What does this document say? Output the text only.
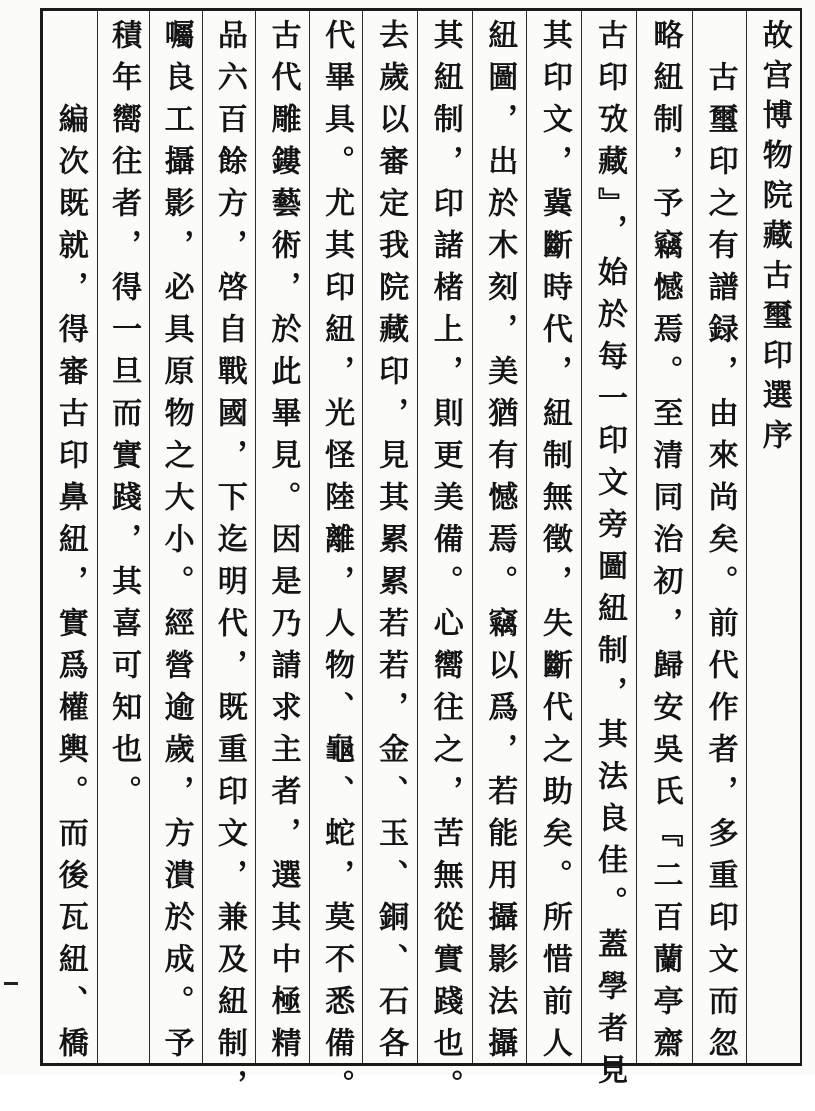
故宫博物院藏古璽印選序
古璽印之有譜録，由來尚矣。前代作者，多重印文而忽
略紐制，予竊憾焉。至清同治初，歸安吳氏『二百蘭亭齋
古印攷藏』，始於每一印文旁圖紐制，其法良佳。蓋學者見
其印文，冀斷時代，紐制無徵，失斷代之助矣。所惜前人
紐圖，出於木刻，美猶有憾焉。竊以爲，若能用攝影法攝
其紐制，印諸楮上，則更美備。心嚮往之，苦無從實踐也。
去歲以審定我院藏印，見其累累若若，金、玉、銅、石各
代畢具。尤其印紐，光怪陸離，人物、龜、蛇，莫不悉備。
古代雕鏤藝術，於此畢見。因是乃請求主者，選其中極精
品六百餘方，啓自戰國，下迄明代，既重印文，兼及紐制，
囑良工攝影，必具原物之大小。經營逾歲，方潰於成。予
積年嚮往者，得一旦而實踐，其喜可知也。
編次既就，得審古印鼻紐，實爲權輿。而後瓦紐、橋
